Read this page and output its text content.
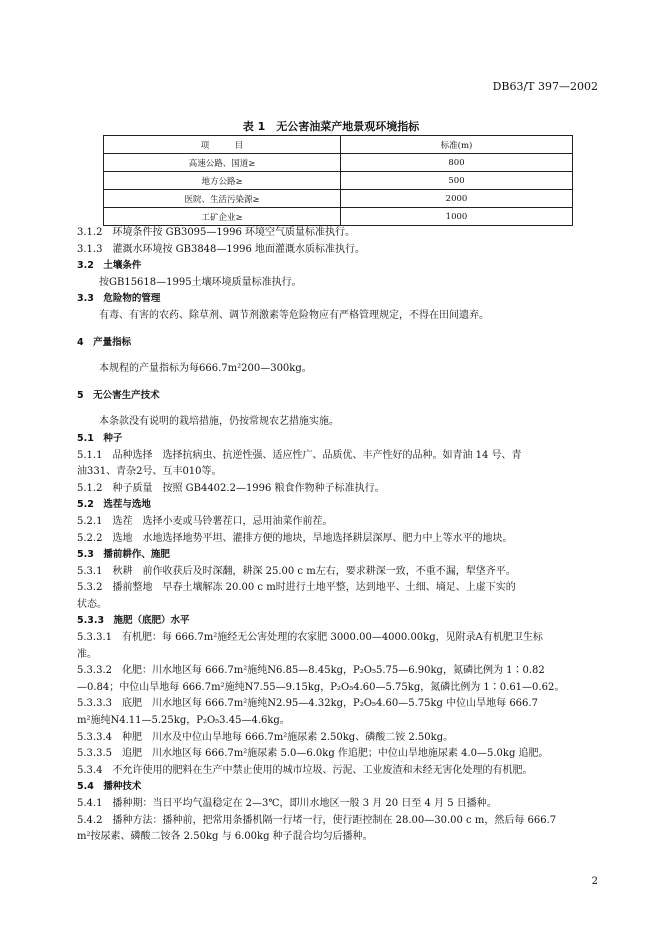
DB63/T 397—2002
表 1　无公害油菜产地景观环境指标
项　　　目	标准(m)
高速公路、国道≥	800
地方公路≥	500
医院、生活污染源≥	2000
工矿企业≥	1000

3.1.2　环境条件按 GB3095—1996 环境空气质量标准执行。

3.1.3　灌溉水环境按 GB3848—1996 地面灌溉水质标准执行。

3.2　土壤条件

按GB15618—1995土壤环境质量标准执行。

3.3　危险物的管理

有毒、有害的农药、除草剂、调节剂激素等危险物应有严格管理规定，不得在田间遗弃。

4　产量指标

本规程的产量指标为每666.7m²200—300kg。

5　无公害生产技术

本条款没有说明的栽培措施，仍按常规农艺措施实施。

5.1　种子

5.1.1　品种选择　选择抗病虫、抗逆性强、适应性广、品质优、丰产性好的品种。如青油 14 号、青

油331、青杂2号、互丰010等。

5.1.2　种子质量　按照 GB4402.2—1996 粮食作物种子标准执行。

5.2　选茬与选地

5.2.1　选茬　选择小麦或马铃薯茬口，忌用油菜作前茬。

5.2.2　选地　水地选择地势平坦、灌排方便的地块，旱地选择耕层深厚、肥力中上等水平的地块。

5.3　播前耕作、施肥

5.3.1　秋耕　前作收获后及时深翻，耕深 25.00 c m左右，要求耕深一致，不重不漏，犁垡齐平。

5.3.2　播前整地　早春土壤解冻 20.00 c m时进行土地平整，达到地平、土细、墒足、上虚下实的

状态。

5.3.3　施肥（底肥）水平

5.3.3.1　有机肥：每 666.7m²施经无公害处理的农家肥 3000.00—4000.00kg，见附录A有机肥卫生标

准。

5.3.3.2　化肥：川水地区每 666.7m²施纯N6.85—8.45kg，P₂O₅5.75—6.90kg，氮磷比例为 1∶0.82

—0.84；中位山旱地每 666.7m²施纯N7.55—9.15kg，P₂O₅4.60—5.75kg，氮磷比例为 1∶0.61—0.62。

5.3.3.3　底肥　川水地区每 666.7m²施纯N2.95—4.32kg，P₂O₅4.60—5.75kg 中位山旱地每 666.7

m²施纯N4.11—5.25kg，P₂O₅3.45—4.6kg。

5.3.3.4　种肥　川水及中位山旱地每 666.7m²施尿素 2.50kg、磷酸二铵 2.50kg。

5.3.3.5　追肥　川水地区每 666.7m²施尿素 5.0—6.0kg 作追肥；中位山旱地施尿素 4.0—5.0kg 追肥。

5.3.4　不允许使用的肥料在生产中禁止使用的城市垃圾、污泥、工业废渣和未经无害化处理的有机肥。

5.4　播种技术

5.4.1　播种期：当日平均气温稳定在 2—3℃，即川水地区一般 3 月 20 日至 4 月 5 日播种。

5.4.2　播种方法：播种前，把常用条播机隔一行堵一行，使行距控制在 28.00—30.00 c m，然后每 666.7

m²按尿素、磷酸二铵各 2.50kg 与 6.00kg 种子混合均匀后播种。

2
